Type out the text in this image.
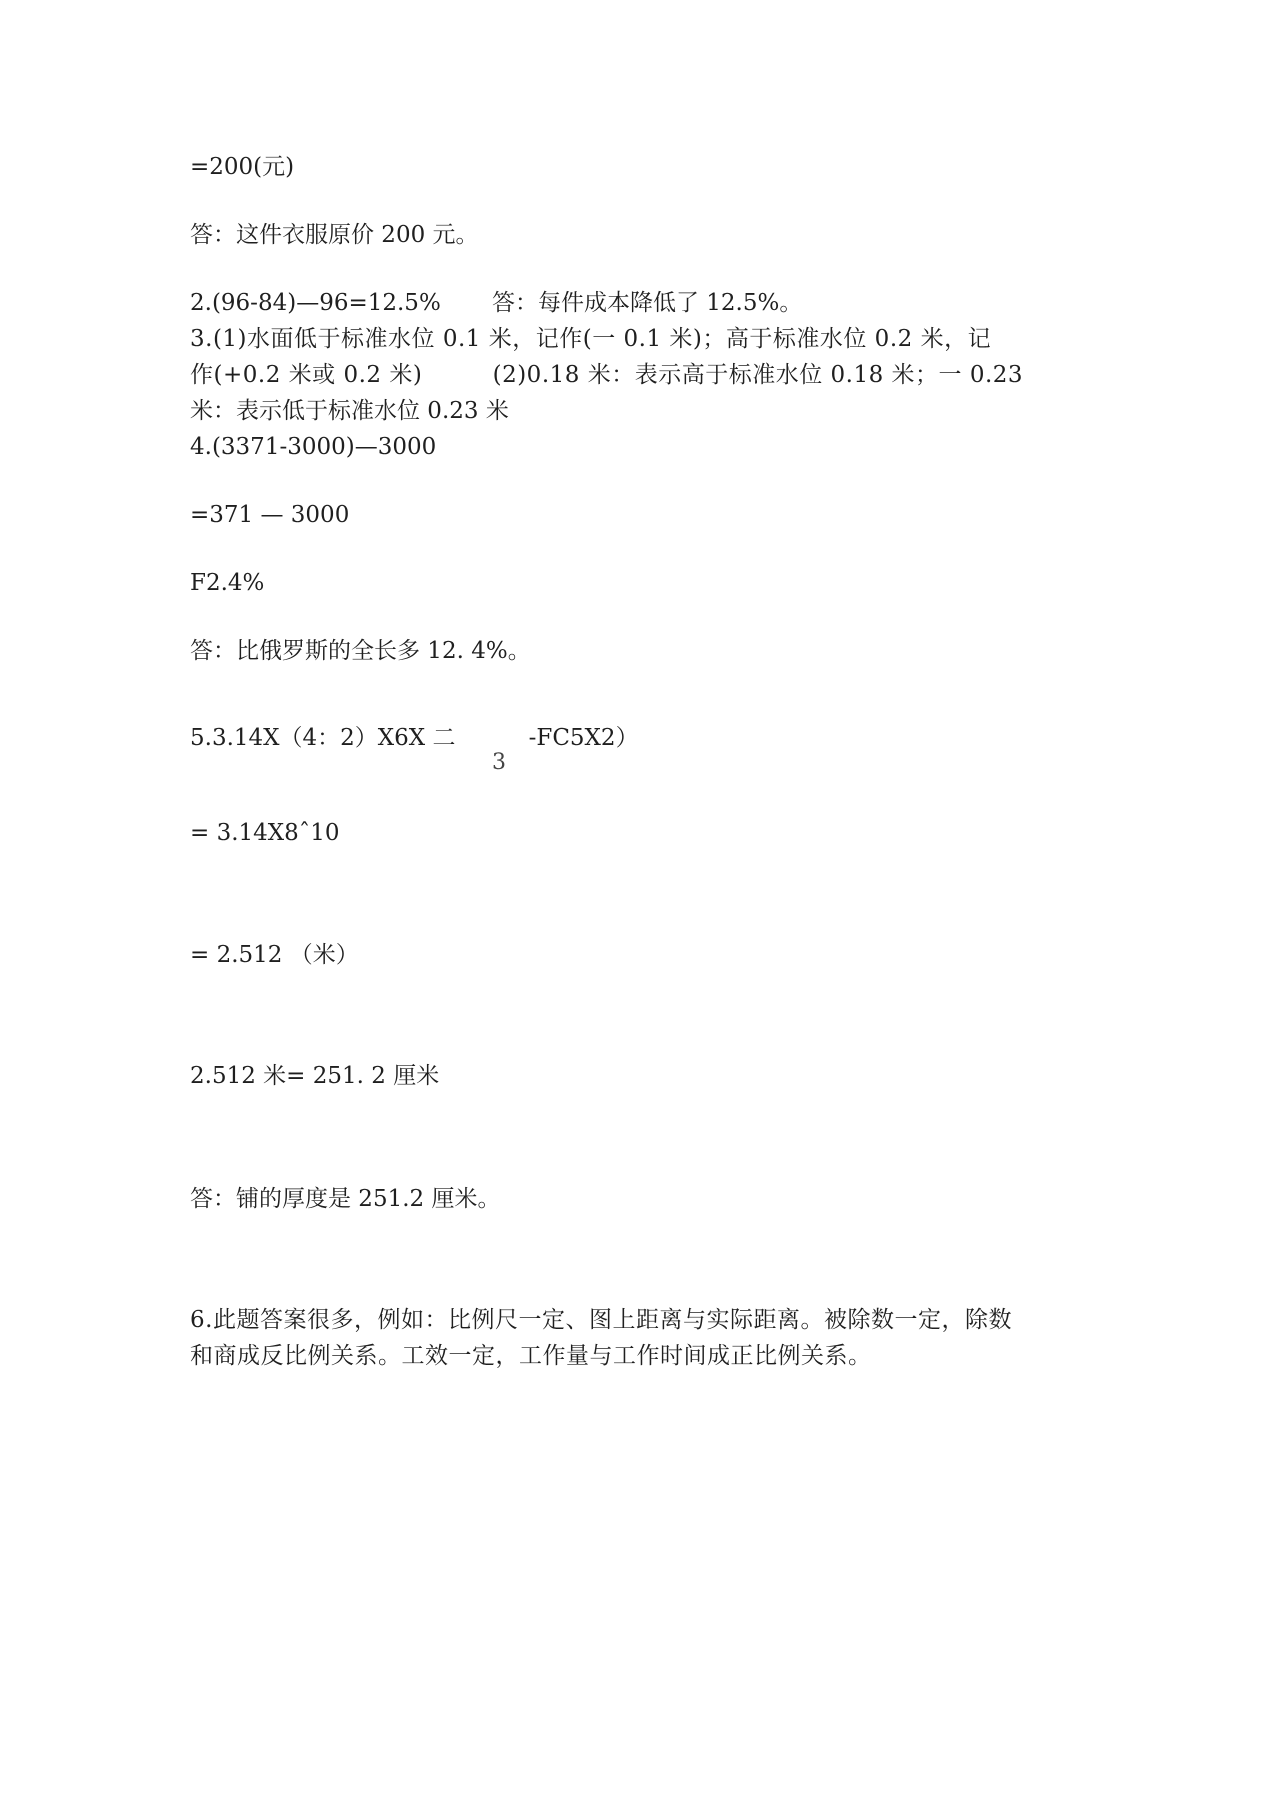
=200(元)
答：这件衣服原价 200 元。
2.(96-84)—96=12.5%       答：每件成本降低了 12.5%。
3.(1)水面低于标准水位 0.1 米，记作(一 0.1 米)；高于标准水位 0.2 米，记
作(+0.2 米或 0.2 米)         (2)0.18 米：表示高于标准水位 0.18 米；一 0.23
米：表示低于标准水位 0.23 米
4.(3371-3000)—3000
=371 — 3000
F2.4%
答：比俄罗斯的全长多 12. 4%。
5.3.14X（4：2）X6X 二          -FC5X2）
3
= 3.14X8ˆ10
= 2.512 （米）
2.512 米= 251. 2 厘米
答：铺的厚度是 251.2 厘米。
6.此题答案很多，例如：比例尺一定、图上距离与实际距离。被除数一定，除数
和商成反比例关系。工效一定，工作量与工作时间成正比例关系。
